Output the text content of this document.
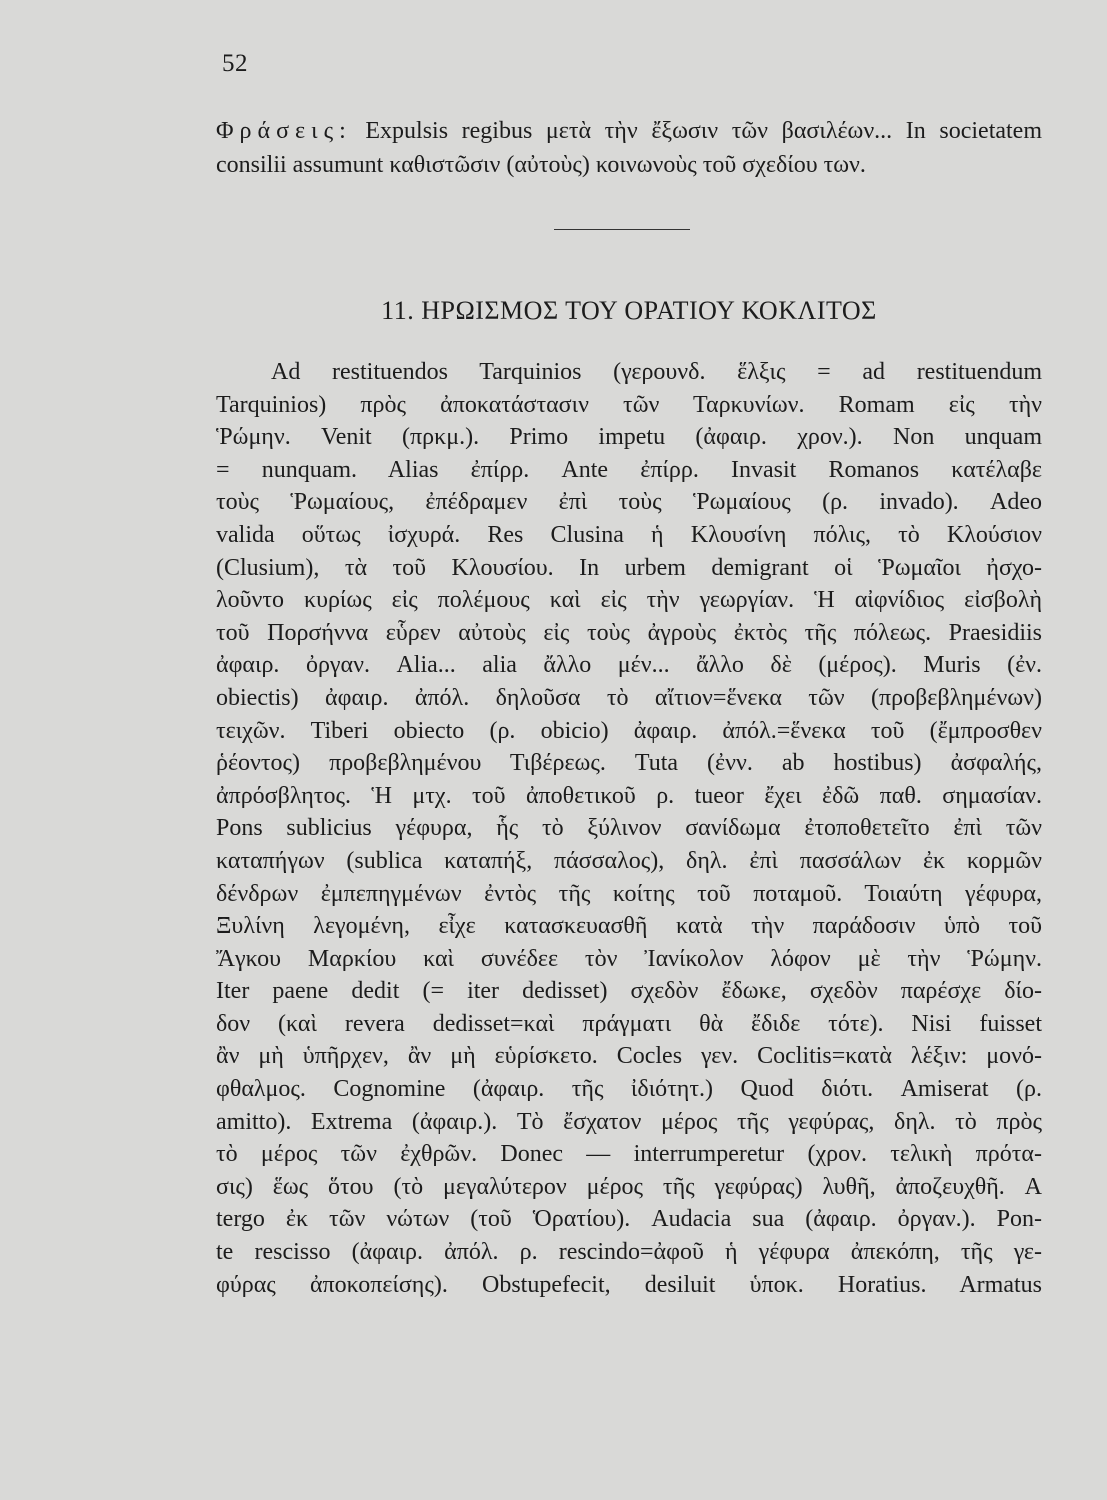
52
Φράσεις: Expulsis regibus μετὰ τὴν ἔξωσιν τῶν βασιλέων... In societatem consilii assumunt καθιστῶσιν (αὐτοὺς) κοινωνοὺς τοῦ σχεδίου των.
11. ΗΡΩΙΣΜΟΣ ΤΟΥ ΟΡΑΤΙΟΥ ΚΟΚΛΙΤΟΣ
Ad restituendos Tarquinios (γερουνδ. ἕλξις = ad restituendum
Tarquinios) πρὸς ἀποκατάστασιν τῶν Ταρκυνίων. Romam εἰς τὴν
Ῥώμην. Venit (πρκμ.). Primo impetu (ἀφαιρ. χρον.). Non unquam
= nunquam. Alias ἐπίρρ. Ante ἐπίρρ. Invasit Romanos κατέλαβε
τοὺς Ῥωμαίους, ἐπέδραμεν ἐπὶ τοὺς Ῥωμαίους (ρ. invado). Adeo
valida οὕτως ἰσχυρά. Res Clusina ἡ Κλουσίνη πόλις, τὸ Κλούσιον
(Clusium), τὰ τοῦ Κλουσίου. In urbem demigrant οἱ Ῥωμαῖοι ἠσχο-
λοῦντο κυρίως εἰς πολέμους καὶ εἰς τὴν γεωργίαν. Ἡ αἰφνίδιος εἰσβολὴ
τοῦ Πορσήννα εὗρεν αὐτοὺς εἰς τοὺς ἀγροὺς ἐκτὸς τῆς πόλεως. Praesidiis
ἀφαιρ. ὀργαν. Alia... alia ἄλλο μέν... ἄλλο δὲ (μέρος). Muris (ἐν.
obiectis) ἀφαιρ. ἀπόλ. δηλοῦσα τὸ αἴτιον=ἕνεκα τῶν (προβεβλημένων)
τειχῶν. Tiberi obiecto (ρ. obicio) ἀφαιρ. ἀπόλ.=ἕνεκα τοῦ (ἔμπροσθεν
ῥέοντος) προβεβλημένου Τιβέρεως. Tuta (ἐνν. ab hostibus) ἀσφαλής,
ἀπρόσβλητος. Ἡ μτχ. τοῦ ἀποθετικοῦ ρ. tueor ἔχει ἐδῶ παθ. σημασίαν.
Pons sublicius γέφυρα, ἧς τὸ ξύλινον σανίδωμα ἐτοποθετεῖτο ἐπὶ τῶν
καταπήγων (sublica καταπήξ, πάσσαλος), δηλ. ἐπὶ πασσάλων ἐκ κορμῶν
δένδρων ἐμπεπηγμένων ἐντὸς τῆς κοίτης τοῦ ποταμοῦ. Τοιαύτη γέφυρα,
Ξυλίνη λεγομένη, εἶχε κατασκευασθῆ κατὰ τὴν παράδοσιν ὑπὸ τοῦ
Ἄγκου Μαρκίου καὶ συνέδεε τὸν Ἰανίκολον λόφον μὲ τὴν Ῥώμην.
Iter paene dedit (= iter dedisset) σχεδὸν ἔδωκε, σχεδὸν παρέσχε δίο-
δον (καὶ revera dedisset=καὶ πράγματι θὰ ἔδιδε τότε). Nisi fuisset
ἂν μὴ ὑπῆρχεν, ἂν μὴ εὑρίσκετο. Cocles γεν. Coclitis=κατὰ λέξιν: μονό-
φθαλμος. Cognomine (ἀφαιρ. τῆς ἰδιότητ.) Quod διότι. Amiserat (ρ.
amitto). Extrema (ἀφαιρ.). Τὸ ἔσχατον μέρος τῆς γεφύρας, δηλ. τὸ πρὸς
τὸ μέρος τῶν ἐχθρῶν. Donec — interrumperetur (χρον. τελικὴ πρότα-
σις) ἕως ὅτου (τὸ μεγαλύτερον μέρος τῆς γεφύρας) λυθῆ, ἀποζευχθῆ. A
tergo ἐκ τῶν νώτων (τοῦ Ὁρατίου). Audacia sua (ἀφαιρ. ὀργαν.). Pon-
te rescisso (ἀφαιρ. ἀπόλ. ρ. rescindo=ἀφοῦ ἡ γέφυρα ἀπεκόπη, τῆς γε-
φύρας ἀποκοπείσης). Obstupefecit, desiluit ὑποκ. Horatius. Armatus
